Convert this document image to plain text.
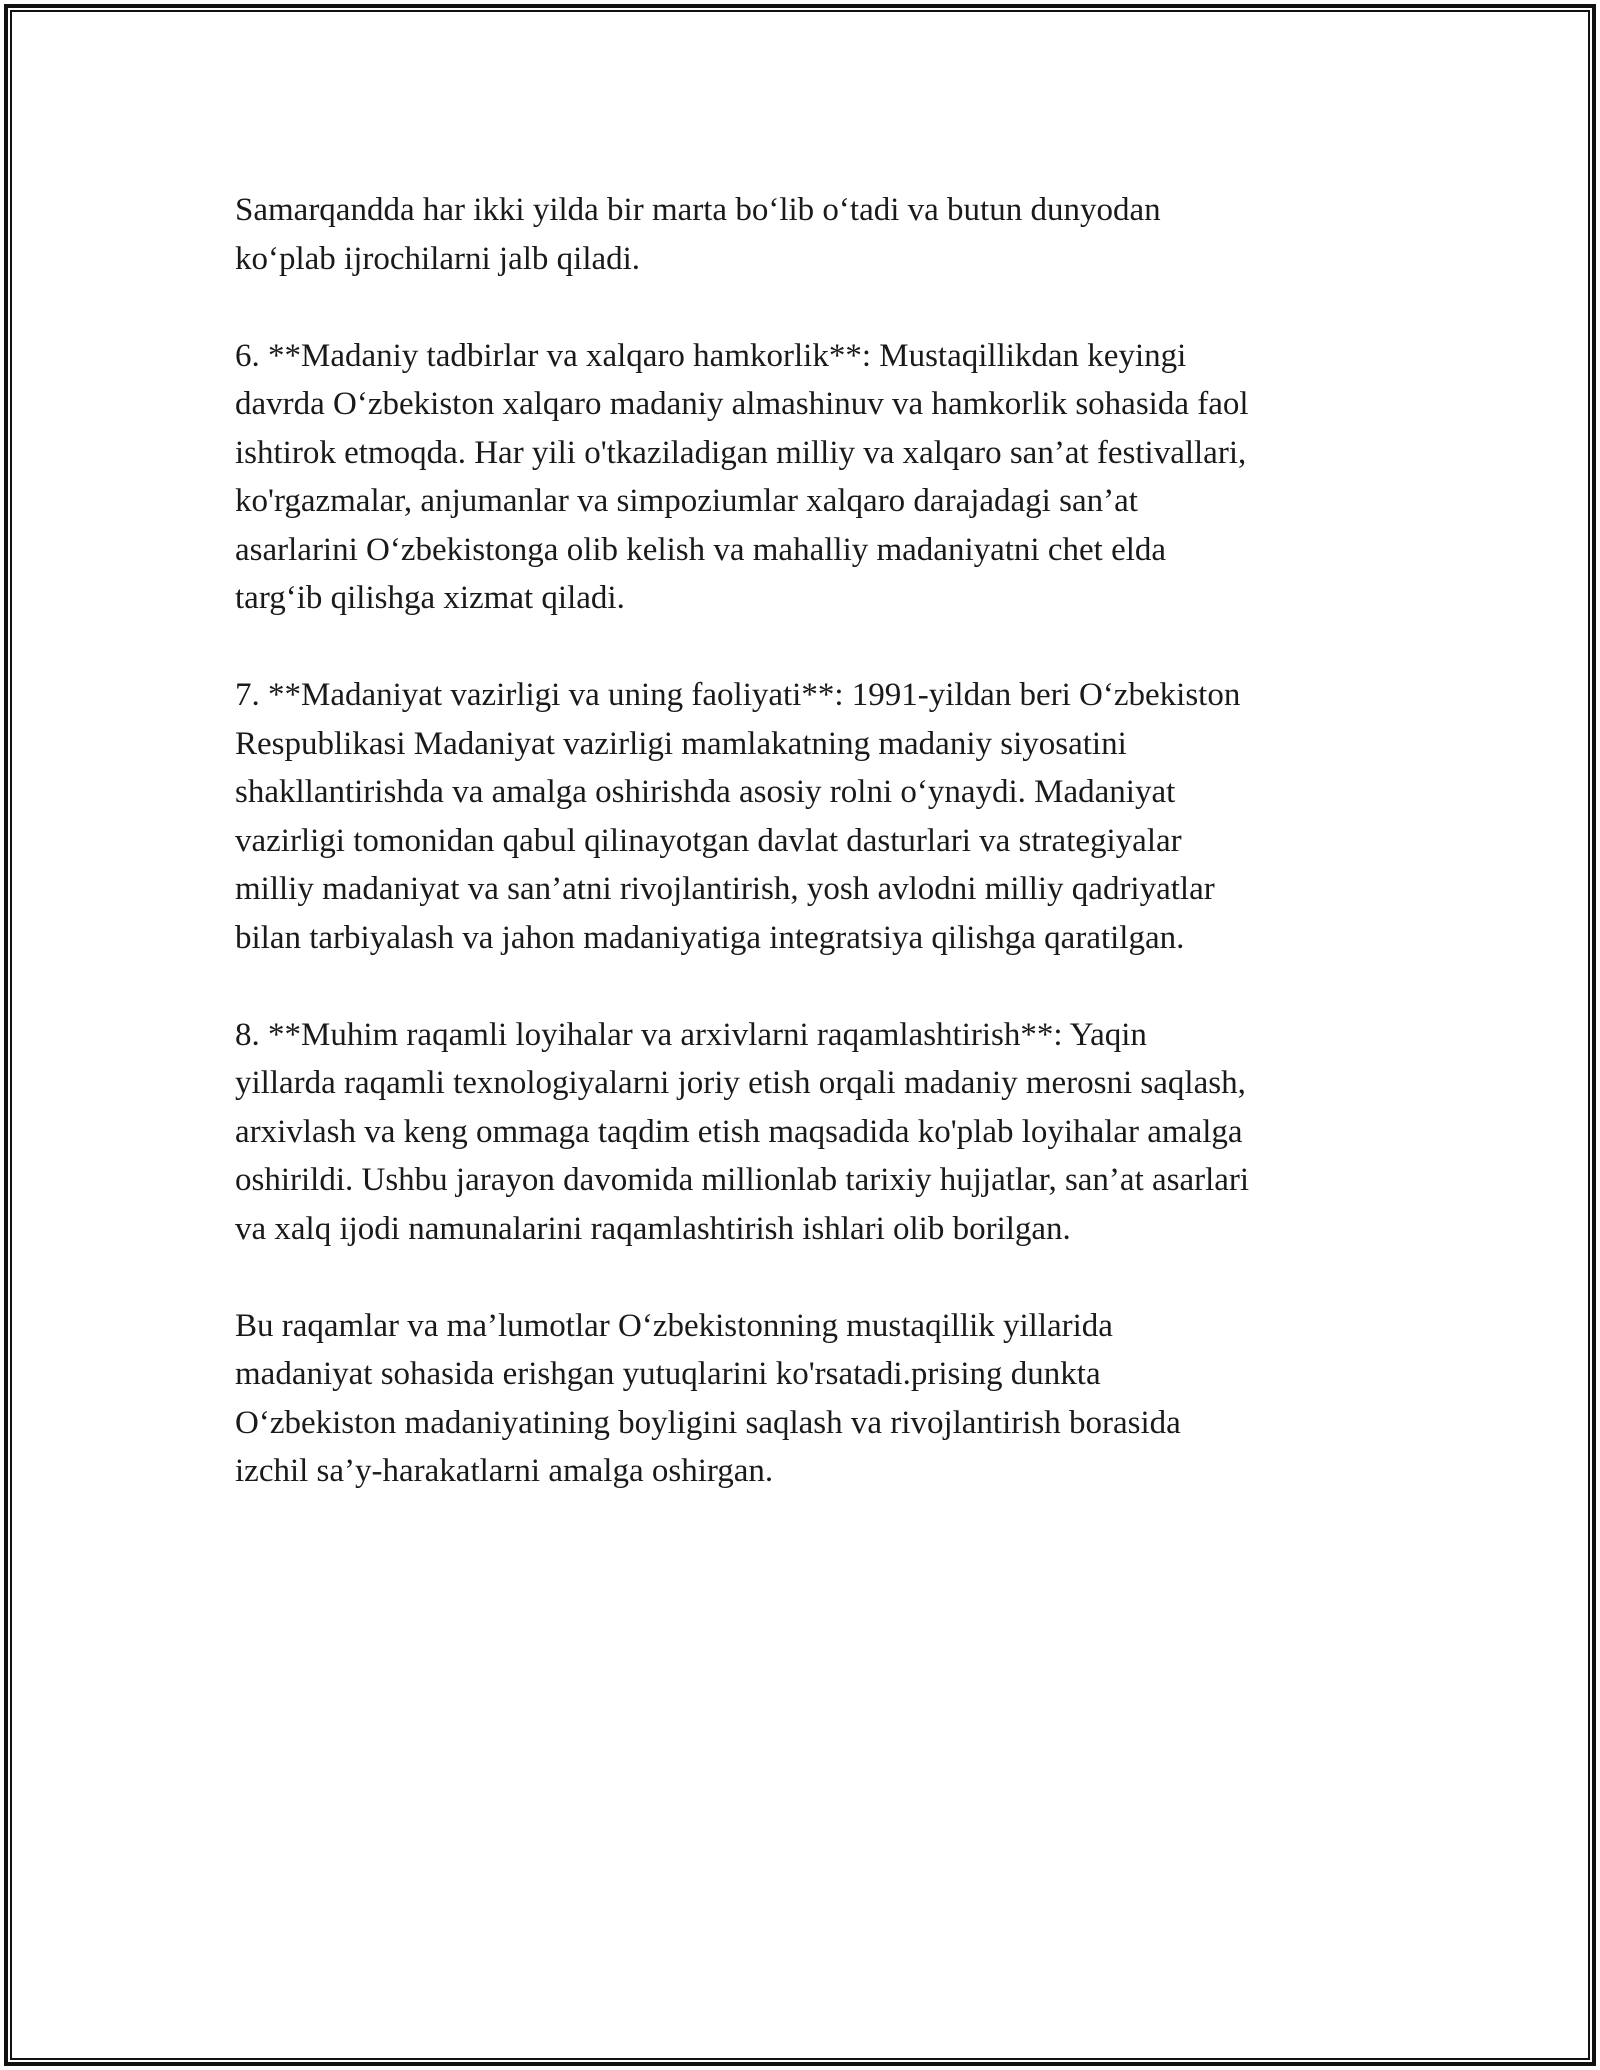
Samarqandda har ikki yilda bir marta bo‘lib o‘tadi va butun dunyodan
ko‘plab ijrochilarni jalb qiladi.

6. **Madaniy tadbirlar va xalqaro hamkorlik**: Mustaqillikdan keyingi
davrda O‘zbekiston xalqaro madaniy almashinuv va hamkorlik sohasida faol
ishtirok etmoqda. Har yili o'tkaziladigan milliy va xalqaro san’at festivallari,
ko'rgazmalar, anjumanlar va simpoziumlar xalqaro darajadagi san’at
asarlarini O‘zbekistonga olib kelish va mahalliy madaniyatni chet elda
targ‘ib qilishga xizmat qiladi.

7. **Madaniyat vazirligi va uning faoliyati**: 1991-yildan beri O‘zbekiston
Respublikasi Madaniyat vazirligi mamlakatning madaniy siyosatini
shakllantirishda va amalga oshirishda asosiy rolni o‘ynaydi. Madaniyat
vazirligi tomonidan qabul qilinayotgan davlat dasturlari va strategiyalar
milliy madaniyat va san’atni rivojlantirish, yosh avlodni milliy qadriyatlar
bilan tarbiyalash va jahon madaniyatiga integratsiya qilishga qaratilgan.

8. **Muhim raqamli loyihalar va arxivlarni raqamlashtirish**: Yaqin
yillarda raqamli texnologiyalarni joriy etish orqali madaniy merosni saqlash,
arxivlash va keng ommaga taqdim etish maqsadida ko'plab loyihalar amalga
oshirildi. Ushbu jarayon davomida millionlab tarixiy hujjatlar, san’at asarlari
va xalq ijodi namunalarini raqamlashtirish ishlari olib borilgan.

Bu raqamlar va ma’lumotlar O‘zbekistonning mustaqillik yillarida
madaniyat sohasida erishgan yutuqlarini ko'rsatadi.prising dunkta
O‘zbekiston madaniyatining boyligini saqlash va rivojlantirish borasida
izchil sa’y-harakatlarni amalga oshirgan.
